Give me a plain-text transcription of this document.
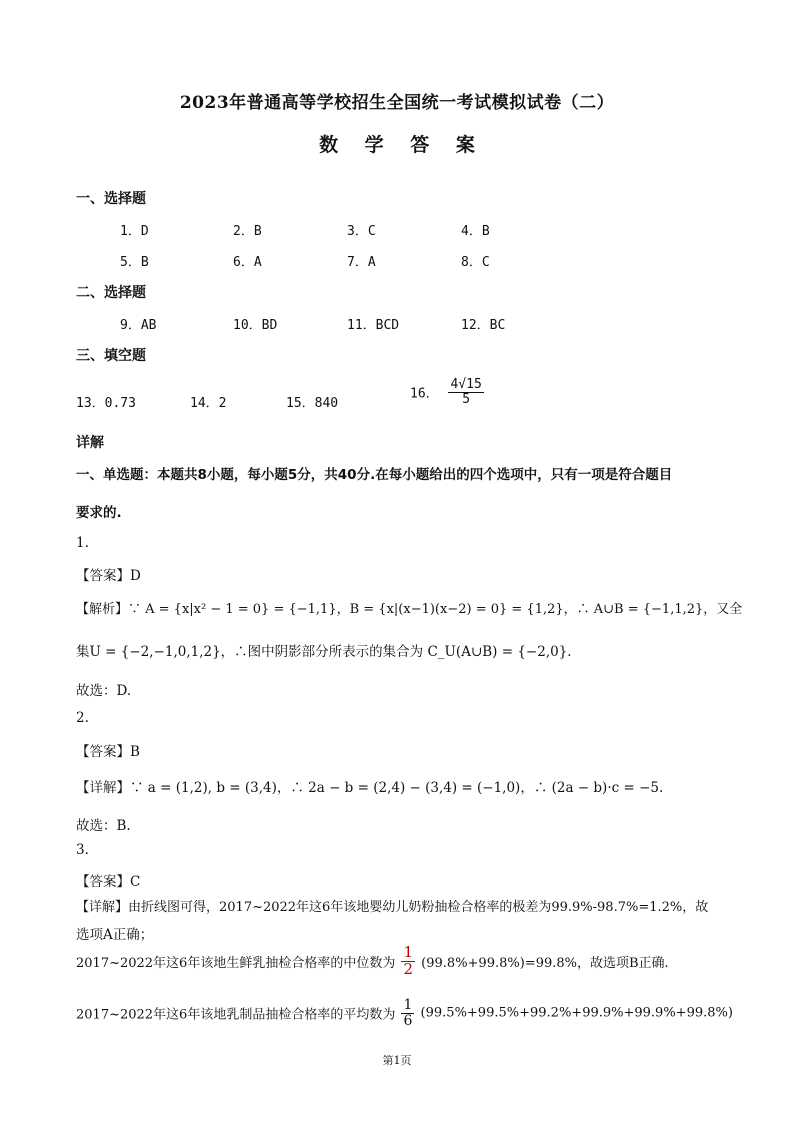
2023年普通高等学校招生全国统一考试模拟试卷（二）
数 学 答 案
一、选择题
1．D	2．B	3．C	4．B
5．B	6．A	7．A	8．C
二、选择题
9．AB	10．BD	11．BCD	12．BC
三、填空题
13．0.73	14．2	15．840
16． $\frac{4√15}{5}$
详解
一、单选题：本题共8小题，每小题5分，共40分.在每小题给出的四个选项中，只有一项是符合题目
要求的.
1.
【答案】D
【解析】∵ A = {x|x² − 1 = 0} = {−1,1}，B = {x|(x−1)(x−2) = 0} = {1,2}，∴ A∪B = {−1,1,2}，又全
集U = {−2,−1,0,1,2}，∴图中阴影部分所表示的集合为 C_U(A∪B) = {−2,0}.
故选：D.
2.
【答案】B
【详解】∵ a = (1,2), b = (3,4)，∴ 2a − b = (2,4) − (3,4) = (−1,0)，∴ (2a − b)·c = −5.
故选：B.
3.
【答案】C
【详解】由折线图可得，2017~2022年这6年该地婴幼儿奶粉抽检合格率的极差为99.9%-98.7%=1.2%，故
选项A正确；
2017~2022年这6年该地生鲜乳抽检合格率的中位数为 $\frac{1}{2} (99.8\%+99.8\%)=99.8\%$，故选项B正确.
2017~2022年这6年该地乳制品抽检合格率的平均数为 $\frac{1}{6} (99.5\%+99.5\%+99.2\%+99.9\%+99.9\%+99.8\%)$
第1页
